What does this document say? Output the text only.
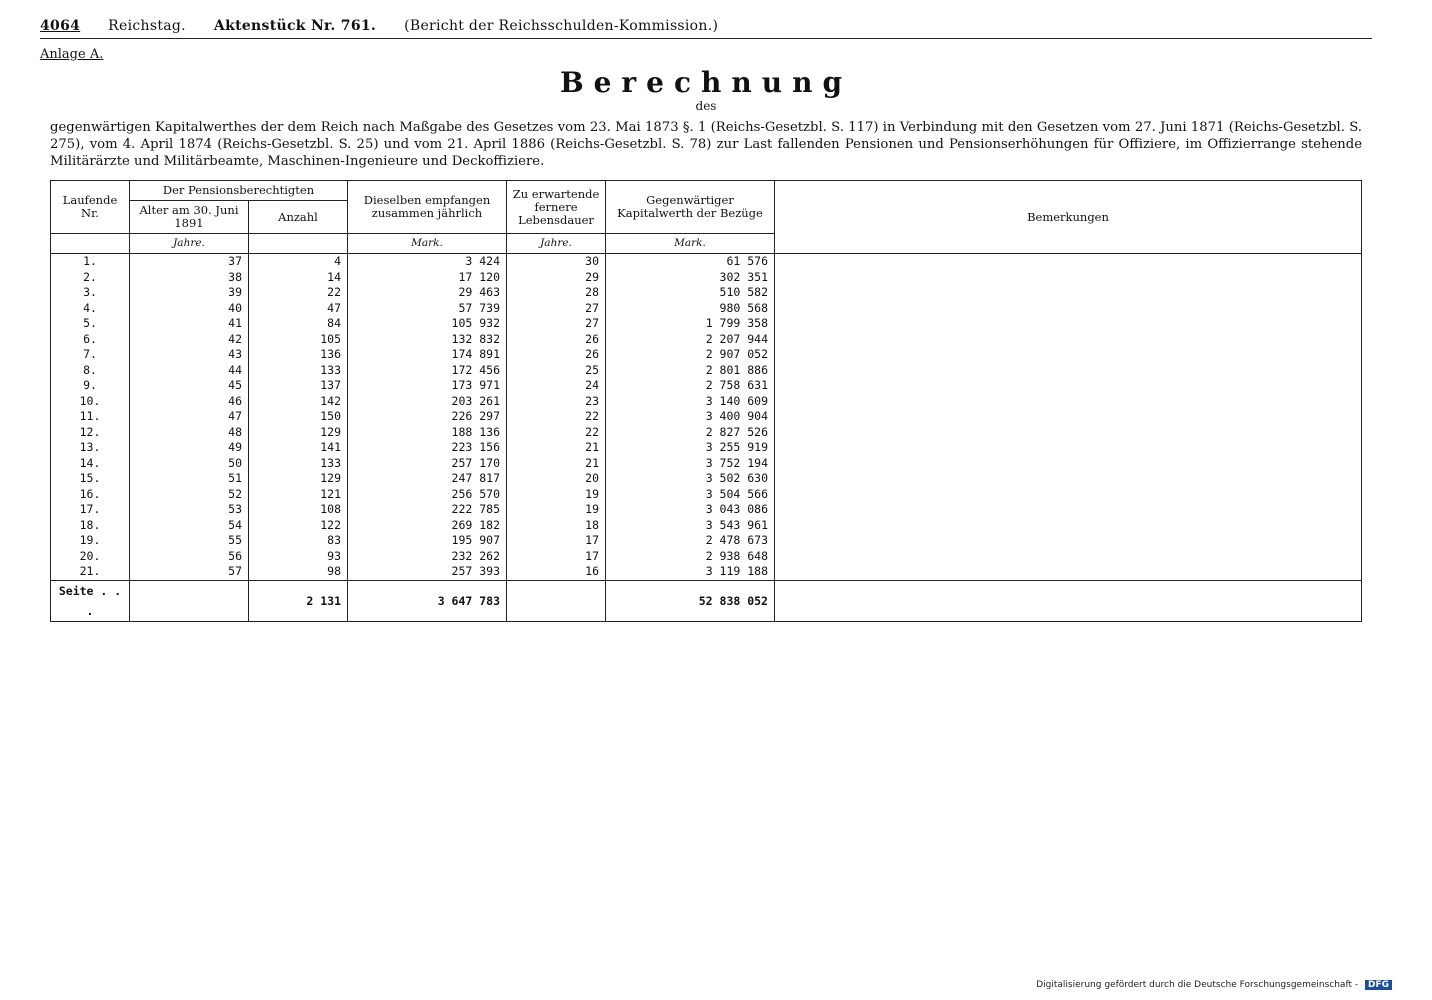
4064 Reichstag. Aktenstück Nr. 761. (Bericht der Reichsschulden-Kommission.)
Anlage A.
Berechnung
des

gegenwärtigen Kapitalwerthes der dem Reich nach Maßgabe des Gesetzes vom 23. Mai 1873 §. 1 (Reichs-Gesetzbl. S. 117) in Verbindung mit den Gesetzen vom 27. Juni 1871 (Reichs-Gesetzbl. S. 275), vom 4. April 1874 (Reichs-Gesetzbl. S. 25) und vom 21. April 1886 (Reichs-Gesetzbl. S. 78) zur Last fallenden Pensionen und Pensionserhöhungen für Offiziere, im Offizierrange stehende Militärärzte und Militärbeamte, Maschinen-Ingenieure und Deckoffiziere.

Laufende Nr.	Der Pensionsberechtigten		Dieselben empfangen zusammen jährlich	Zu erwartende fernere Lebensdauer	Gegenwärtiger Kapitalwerth der Bezüge	Bemerkungen
	Alter am 30. Juni 1891	Anzahl				
	Jahre.		Mark.	Jahre.	Mark.	
1.	37	4	3 424	30	61 576	
2.	38	14	17 120	29	302 351	
3.	39	22	29 463	28	510 582	
4.	40	47	57 739	27	980 568	
5.	41	84	105 932	27	1 799 358	
6.	42	105	132 832	26	2 207 944	
7.	43	136	174 891	26	2 907 052	
8.	44	133	172 456	25	2 801 886	
9.	45	137	173 971	24	2 758 631	
10.	46	142	203 261	23	3 140 609	
11.	47	150	226 297	22	3 400 904	
12.	48	129	188 136	22	2 827 526	
13.	49	141	223 156	21	3 255 919	
14.	50	133	257 170	21	3 752 194	
15.	51	129	247 817	20	3 502 630	
16.	52	121	256 570	19	3 504 566	
17.	53	108	222 785	19	3 043 086	
18.	54	122	269 182	18	3 543 961	
19.	55	83	195 907	17	2 478 673	
20.	56	93	232 262	17	2 938 648	
21.	57	98	257 393	16	3 119 188	
Seite . . .		2 131	3 647 783		52 838 052	
Digitalisierung gefördert durch die Deutsche Forschungsgemeinschaft - DFG
